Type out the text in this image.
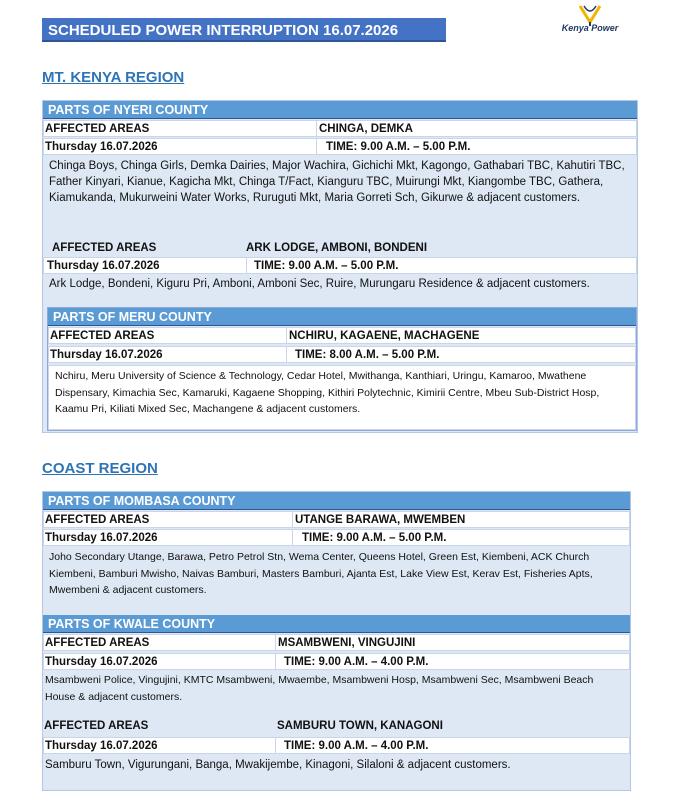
SCHEDULED POWER INTERRUPTION 16.07.2026	Kenya Power
MT. KENYA REGION
PARTS OF NYERI COUNTY
AFFECTED AREAS	CHINGA, DEMKA
Thursday 16.07.2026	TIME: 9.00 A.M. – 5.00 P.M.
Chinga Boys, Chinga Girls, Demka Dairies, Major Wachira, Gichichi Mkt, Kagongo, Gathabari TBC, Kahutiri TBC, Father Kinyari, Kianue, Kagicha Mkt, Chinga T/Fact, Kianguru TBC, Muirungi Mkt, Kiangombe TBC, Gathera, Kiamukanda, Mukurweini Water Works, Ruruguti Mkt, Maria Gorreti Sch, Gikurwe & adjacent customers.
AFFECTED AREAS	ARK LODGE, AMBONI, BONDENI
Thursday 16.07.2026	TIME: 9.00 A.M. – 5.00 P.M.
Ark Lodge, Bondeni, Kiguru Pri, Amboni, Amboni Sec, Ruire, Murungaru Residence & adjacent customers.
PARTS OF MERU COUNTY
AFFECTED AREAS	NCHIRU, KAGAENE, MACHAGENE
Thursday 16.07.2026	TIME: 8.00 A.M. – 5.00 P.M.
Nchiru, Meru University of Science & Technology, Cedar Hotel, Mwithanga, Kanthiari, Uringu, Kamaroo, Mwathene Dispensary, Kimachia Sec, Kamaruki, Kagaene Shopping, Kithiri Polytechnic, Kimirii Centre, Mbeu Sub-District Hosp, Kaamu Pri, Kiliati Mixed Sec, Machangene & adjacent customers.
COAST REGION
PARTS OF MOMBASA COUNTY
AFFECTED AREAS	UTANGE BARAWA, MWEMBEN
Thursday 16.07.2026	TIME: 9.00 A.M. – 5.00 P.M.
Joho Secondary Utange, Barawa, Petro Petrol Stn, Wema Center, Queens Hotel, Green Est, Kiembeni, ACK Church Kiembeni, Bamburi Mwisho, Naivas Bamburi, Masters Bamburi, Ajanta Est, Lake View Est, Kerav Est, Fisheries Apts, Mwembeni & adjacent customers.
PARTS OF KWALE COUNTY
AFFECTED AREAS	MSAMBWENI, VINGUJINI
Thursday 16.07.2026	TIME: 9.00 A.M. – 4.00 P.M.
Msambweni Police, Vingujini, KMTC Msambweni, Mwaembe, Msambweni Hosp, Msambweni Sec, Msambweni Beach House & adjacent customers.
AFFECTED AREAS	SAMBURU TOWN, KANAGONI
Thursday 16.07.2026	TIME: 9.00 A.M. – 4.00 P.M.
Samburu Town, Vigurungani, Banga, Mwakijembe, Kinagoni, Silaloni & adjacent customers.
